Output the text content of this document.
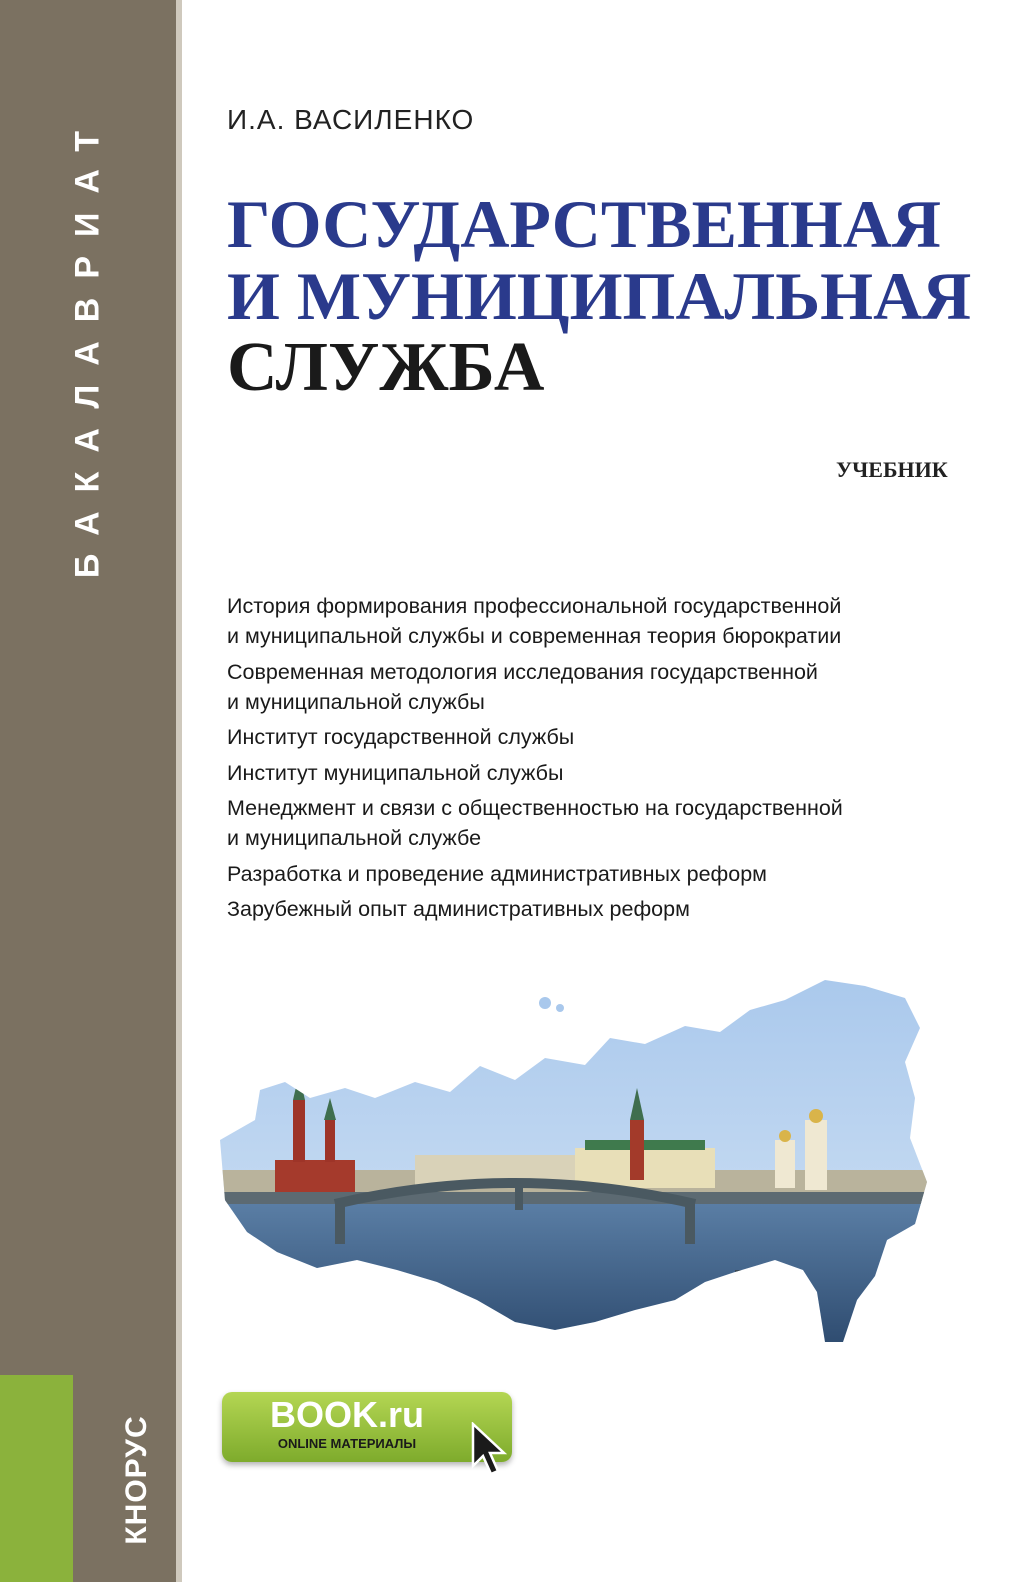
БАКАЛАВРИАТ
КНОРУС
И.А. ВАСИЛЕНКО
ГОСУДАРСТВЕННАЯ
И МУНИЦИПАЛЬНАЯ
СЛУЖБА
УЧЕБНИК
История формирования профессиональной государственной
и муниципальной службы и современная теория бюрократии
Современная методология исследования государственной
и муниципальной службы
Институт государственной службы
Институт муниципальной службы
Менеджмент и связи с общественностью на государственной
и муниципальной службе
Разработка и проведение административных реформ
Зарубежный опыт административных реформ
BOOK.ru
ONLINE МАТЕРИАЛЫ
